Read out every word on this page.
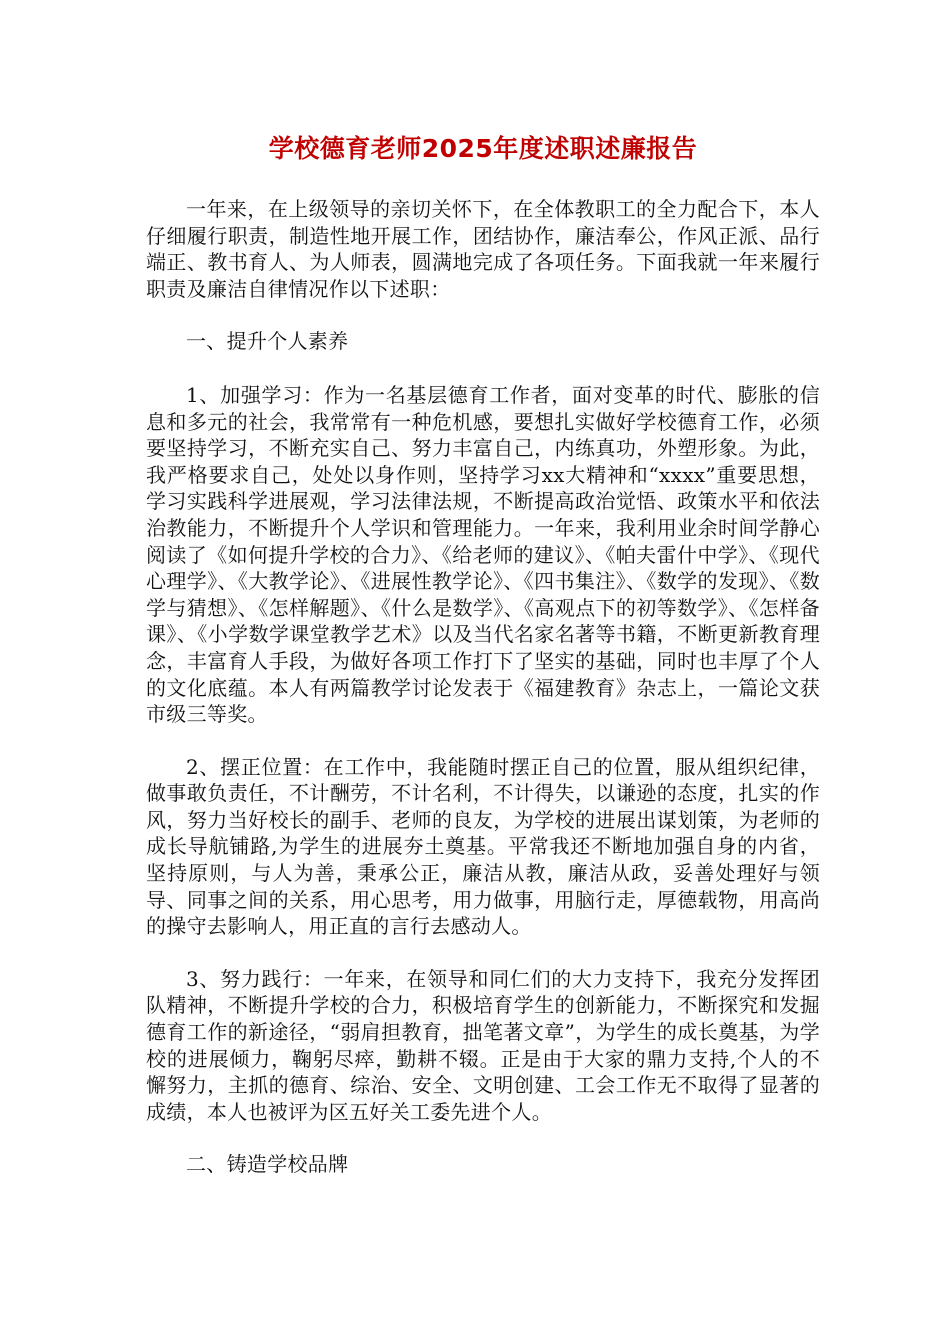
学校德育老师2025年度述职述廉报告

一年来，在上级领导的亲切关怀下，在全体教职工的全力配合下，本人仔细履行职责，制造性地开展工作，团结协作，廉洁奉公，作风正派、品行端正、教书育人、为人师表，圆满地完成了各项任务。下面我就一年来履行职责及廉洁自律情况作以下述职：

一、提升个人素养

1、加强学习：作为一名基层德育工作者，面对变革的时代、膨胀的信息和多元的社会，我常常有一种危机感，要想扎实做好学校德育工作，必须要坚持学习，不断充实自己、努力丰富自己，内练真功，外塑形象。为此，我严格要求自己，处处以身作则，坚持学习xx大精神和“xxxx”重要思想，学习实践科学进展观，学习法律法规，不断提高政治觉悟、政策水平和依法治教能力，不断提升个人学识和管理能力。一年来，我利用业余时间学静心阅读了《如何提升学校的合力》、《给老师的建议》、《帕夫雷什中学》、《现代心理学》、《大教学论》、《进展性教学论》、《四书集注》、《数学的发现》、《数学与猜想》、《怎样解题》、《什么是数学》、《高观点下的初等数学》、《怎样备课》、《小学数学课堂教学艺术》以及当代名家名著等书籍，不断更新教育理念，丰富育人手段，为做好各项工作打下了坚实的基础，同时也丰厚了个人的文化底蕴。本人有两篇教学讨论发表于《福建教育》杂志上，一篇论文获市级三等奖。

2、摆正位置：在工作中，我能随时摆正自己的位置，服从组织纪律，做事敢负责任，不计酬劳，不计名利，不计得失，以谦逊的态度，扎实的作风，努力当好校长的副手、老师的良友，为学校的进展出谋划策，为老师的成长导航铺路,为学生的进展夯土奠基。平常我还不断地加强自身的内省，坚持原则，与人为善，秉承公正，廉洁从教，廉洁从政，妥善处理好与领导、同事之间的关系，用心思考，用力做事，用脑行走，厚德载物，用高尚的操守去影响人，用正直的言行去感动人。

3、努力践行：一年来，在领导和同仁们的大力支持下，我充分发挥团队精神，不断提升学校的合力，积极培育学生的创新能力，不断探究和发掘德育工作的新途径，“弱肩担教育，拙笔著文章”，为学生的成长奠基，为学校的进展倾力，鞠躬尽瘁，勤耕不辍。正是由于大家的鼎力支持,个人的不懈努力，主抓的德育、综治、安全、文明创建、工会工作无不取得了显著的成绩，本人也被评为区五好关工委先进个人。

二、铸造学校品牌
